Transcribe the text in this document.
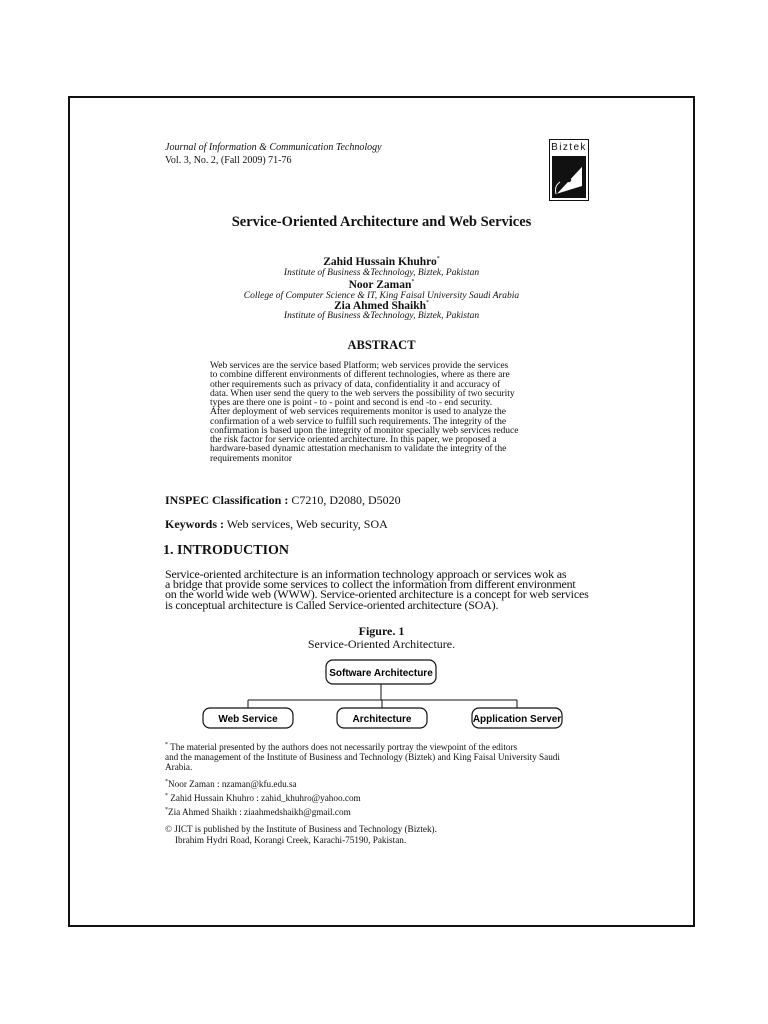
Journal of Information & Communication Technology
Vol. 3, No. 2, (Fall 2009) 71-76
Biztek
Service-Oriented Architecture and Web Services
Zahid Hussain Khuhro*
Institute of Business &Technology, Biztek, Pakistan
Noor Zaman*
College of Computer Science & IT, King Faisal University Saudi Arabia
Zia Ahmed Shaikh*
Institute of Business &Technology, Biztek, Pakistan
ABSTRACT
Web services are the service based Platform; web services provide the services
to combine different environments of different technologies, where as there are
other requirements such as privacy of data, confidentiality it and accuracy of
data. When user send the query to the web servers the possibility of two security
types are there one is point - to - point and second is end -to - end security.
After deployment of web services requirements monitor is used to analyze the
confirmation of a web service to fulfill such requirements. The integrity of the
confirmation is based upon the integrity of monitor specially web services reduce
the risk factor for service oriented architecture. In this paper, we proposed a
hardware-based dynamic attestation mechanism to validate the integrity of the
requirements monitor
INSPEC Classification : C7210, D2080, D5020
Keywords : Web services, Web security, SOA
1. INTRODUCTION
Service-oriented architecture is an information technology approach or services wok as
a bridge that provide some services to collect the information from different environment
on the world wide web (WWW). Service-oriented architecture is a concept for web services
is conceptual architecture is Called Service-oriented architecture (SOA).
Figure. 1
Service-Oriented Architecture.
Software Architecture
Web Service	Architecture	Application Server
* The material presented by the authors does not necessarily portray the viewpoint of the editors
and the management of the Institute of Business and Technology (Biztek) and King Faisal University Saudi
Arabia.
*Noor Zaman : nzaman@kfu.edu.sa
* Zahid Hussain Khuhro : zahid_khuhro@yahoo.com
*Zia Ahmed Shaikh : ziaahmedshaikh@gmail.com
© JICT is published by the Institute of Business and Technology (Biztek).
Ibrahim Hydri Road, Korangi Creek, Karachi-75190, Pakistan.
